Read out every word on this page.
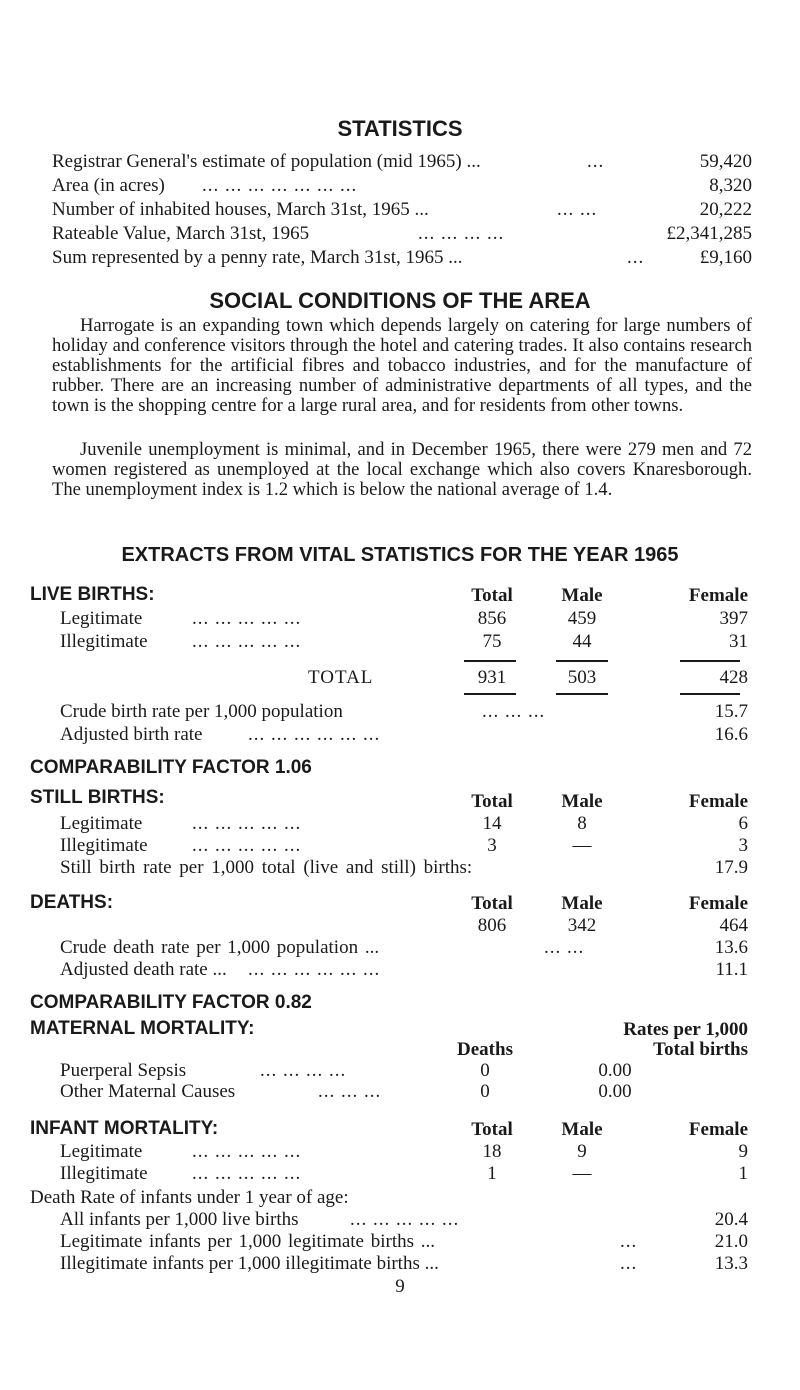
STATISTICS
Registrar General's estimate of population (mid 1965) ...	...	59,420
Area (in acres) ... ... ... ... ... ... ...	8,320
Number of inhabited houses, March 31st, 1965 ...	... ...	20,222
Rateable Value, March 31st, 1965	... ... ... ...	£2,341,285
Sum represented by a penny rate, March 31st, 1965 ...	...	£9,160
SOCIAL CONDITIONS OF THE AREA
Harrogate is an expanding town which depends largely on catering for large numbers of holiday and conference visitors through the hotel and catering trades. It also contains research establishments for the artificial fibres and tobacco industries, and for the manufacture of rubber. There are an increasing number of administrative departments of all types, and the town is the shopping centre for a large rural area, and for residents from other towns.
Juvenile unemployment is minimal, and in December 1965, there were 279 men and 72 women registered as unemployed at the local exchange which also covers Knaresborough. The unemployment index is 1.2 which is below the national average of 1.4.
EXTRACTS FROM VITAL STATISTICS FOR THE YEAR 1965
LIVE BIRTHS:	Total	Male	Female
Legitimate	... ... ... ... ...	856	459	397
Illegitimate ... ... ... ... ...	75	44	31
TOTAL	931	503	428
Crude birth rate per 1,000 population	... ... ...	15.7
Adjusted birth rate ... ... ... ... ... ...	16.6
COMPARABILITY FACTOR 1.06
STILL BIRTHS:	Total	Male	Female
Legitimate	... ... ... ... ...	14	8	6
Illegitimate ... ... ... ... ...	3	—	3
Still birth rate per 1,000 total (live and still) births:	17.9
DEATHS:	Total	Male	Female
806	342	464
Crude death rate per 1,000 population ...	... ...	13.6
Adjusted death rate ... ... ... ... ... ... ...	11.1
COMPARABILITY FACTOR 0.82
MATERNAL MORTALITY:	Rates per 1,000
Deaths	Total births
Puerperal Sepsis	... ... ... ...	0	0.00
Other Maternal Causes	... ... ...	0	0.00
INFANT MORTALITY:	Total	Male	Female
Legitimate	... ... ... ... ...	18	9	9
Illegitimate ... ... ... ... ...	1	—	1
Death Rate of infants under 1 year of age:
All infants per 1,000 live births	... ... ... ... ...	20.4
Legitimate infants per 1,000 legitimate births ...	...	21.0
Illegitimate infants per 1,000 illegitimate births ...	...	13.3
9
